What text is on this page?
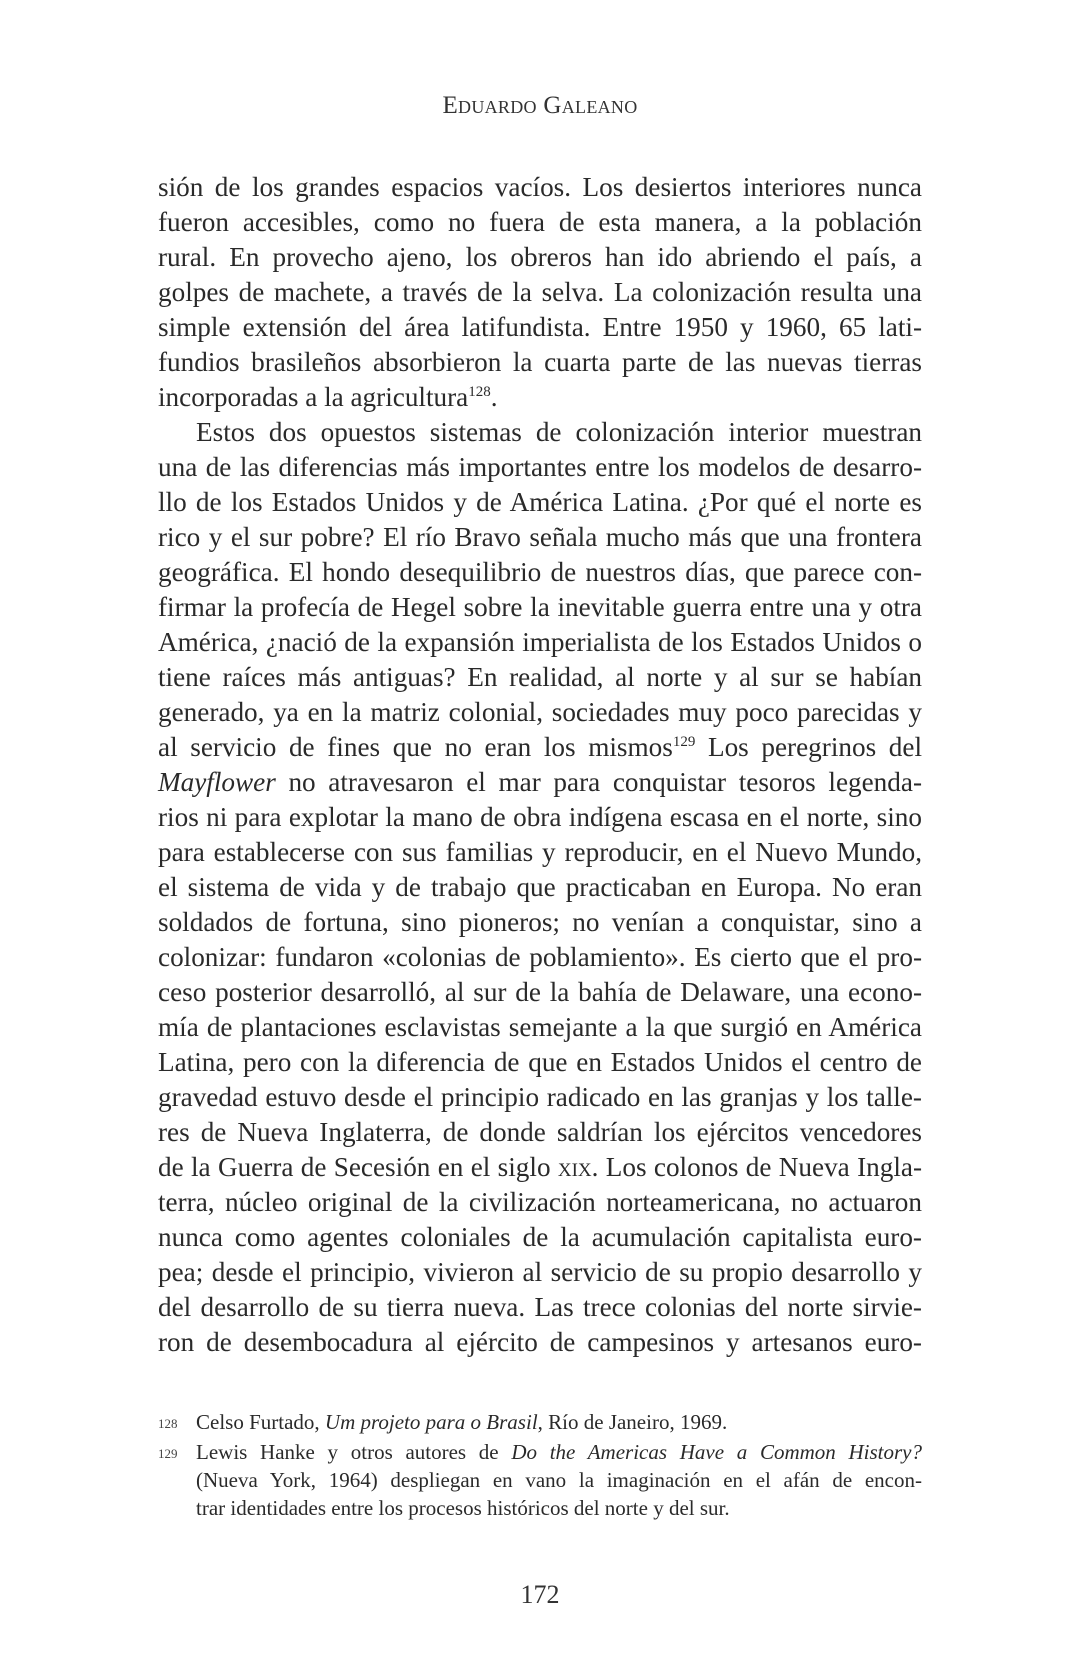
Eduardo Galeano
sión de los grandes espacios vacíos. Los desiertos interiores nunca
fueron accesibles, como no fuera de esta manera, a la población
rural. En provecho ajeno, los obreros han ido abriendo el país, a
golpes de machete, a través de la selva. La colonización resulta una
simple extensión del área latifundista. Entre 1950 y 1960, 65 lati-
fundios brasileños absorbieron la cuarta parte de las nuevas tierras
incorporadas a la agricultura$^{128}$.
Estos dos opuestos sistemas de colonización interior muestran
una de las diferencias más importantes entre los modelos de desarro-
llo de los Estados Unidos y de América Latina. ¿Por qué el norte es
rico y el sur pobre? El río Bravo señala mucho más que una frontera
geográfica. El hondo desequilibrio de nuestros días, que parece con-
firmar la profecía de Hegel sobre la inevitable guerra entre una y otra
América, ¿nació de la expansión imperialista de los Estados Unidos o
tiene raíces más antiguas? En realidad, al norte y al sur se habían
generado, ya en la matriz colonial, sociedades muy poco parecidas y
al servicio de fines que no eran los mismos$^{129}$ Los peregrinos del
Mayflower no atravesaron el mar para conquistar tesoros legenda-
rios ni para explotar la mano de obra indígena escasa en el norte, sino
para establecerse con sus familias y reproducir, en el Nuevo Mundo,
el sistema de vida y de trabajo que practicaban en Europa. No eran
soldados de fortuna, sino pioneros; no venían a conquistar, sino a
colonizar: fundaron «colonias de poblamiento». Es cierto que el pro-
ceso posterior desarrolló, al sur de la bahía de Delaware, una econo-
mía de plantaciones esclavistas semejante a la que surgió en América
Latina, pero con la diferencia de que en Estados Unidos el centro de
gravedad estuvo desde el principio radicado en las granjas y los talle-
res de Nueva Inglaterra, de donde saldrían los ejércitos vencedores
de la Guerra de Secesión en el siglo xix. Los colonos de Nueva Ingla-
terra, núcleo original de la civilización norteamericana, no actuaron
nunca como agentes coloniales de la acumulación capitalista euro-
pea; desde el principio, vivieron al servicio de su propio desarrollo y
del desarrollo de su tierra nueva. Las trece colonias del norte sirvie-
ron de desembocadura al ejército de campesinos y artesanos euro-
128 Celso Furtado, Um projeto para o Brasil, Río de Janeiro, 1969.
129 Lewis Hanke y otros autores de Do the Americas Have a Common History?
(Nueva York, 1964) despliegan en vano la imaginación en el afán de encon-
trar identidades entre los procesos históricos del norte y del sur.
172
